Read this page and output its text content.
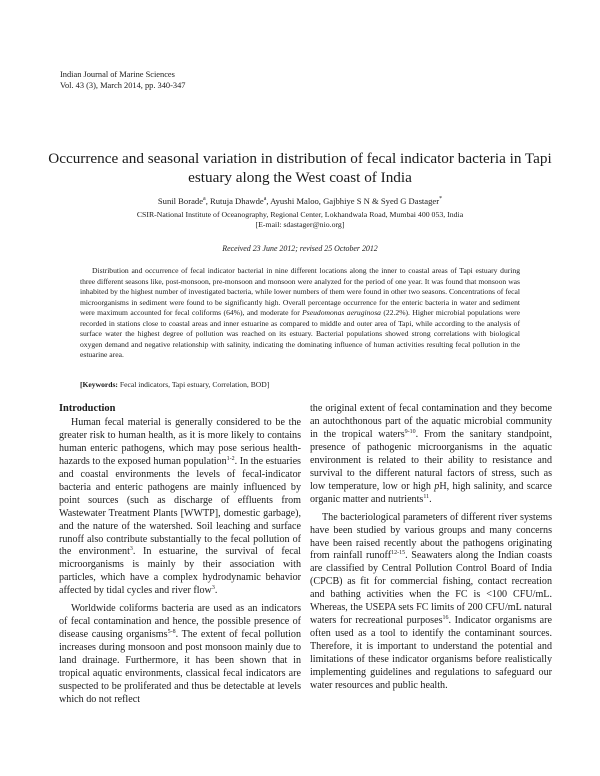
Indian Journal of Marine Sciences
Vol. 43 (3), March 2014, pp. 340-347
Occurrence and seasonal variation in distribution of fecal indicator bacteria in Tapi estuary along the West coast of India
Sunil Borade$^a$, Rutuja Dhawde$^a$, Ayushi Maloo, Gajbhiye S N & Syed G Dastager*
CSIR-National Institute of Oceanography, Regional Center, Lokhandwala Road, Mumbai 400 053, India
[E-mail: sdastager@nio.org]
Received 23 June 2012; revised 25 October 2012

Distribution and occurrence of fecal indicator bacterial in nine different locations along the inner to coastal areas of Tapi estuary during three different seasons like, post-monsoon, pre-monsoon and monsoon were analyzed for the period of one year. It was found that monsoon was inhabited by the highest number of investigated bacteria, while lower numbers of them were found in other two seasons. Concentrations of fecal microorganisms in sediment were found to be significantly high. Overall percentage occurrence for the enteric bacteria in water and sediment were maximum accounted for fecal coliforms (64%), and moderate for Pseudomonas aeruginosa (22.2%). Higher microbial populations were recorded in stations close to coastal areas and inner estuarine as compared to middle and outer area of Tapi, while according to the analysis of surface water the highest degree of pollution was reached on its estuary. Bacterial populations showed strong correlations with biological oxygen demand and negative relationship with salinity, indicating the dominating influence of human activities resulting fecal pollution in the estuarine area.

[Keywords: Fecal indicators, Tapi estuary, Correlation, BOD]
Introduction

Human fecal material is generally considered to be the greater risk to human health, as it is more likely to contains human enteric pathogens, which may pose serious health-hazards to the exposed human population$^{1-2}$. In the estuaries and coastal environments the levels of fecal-indicator bacteria and enteric pathogens are mainly influenced by point sources (such as discharge of effluents from Wastewater Treatment Plants [WWTP], domestic garbage), and the nature of the watershed. Soil leaching and surface runoff also contribute substantially to the fecal pollution of the environment$^3$. In estuarine, the survival of fecal microorganisms is mainly by their association with particles, which have a complex hydrodynamic behavior affected by tidal cycles and river flow$^3$.

Worldwide coliforms bacteria are used as an indicators of fecal contamination and hence, the possible presence of disease causing organisms$^{5-8}$. The extent of fecal pollution increases during monsoon and post monsoon mainly due to land drainage. Furthermore, it has been shown that in tropical aquatic environments, classical fecal indicators are suspected to be proliferated and thus be detectable at levels which do not reflect

the original extent of fecal contamination and they become an autochthonous part of the aquatic microbial community in the tropical waters$^{9-10}$. From the sanitary standpoint, presence of pathogenic microorganisms in the aquatic environment is related to their ability to resistance and survival to the different natural factors of stress, such as low temperature, low or high pH, high salinity, and scarce organic matter and nutrients$^{11}$.

The bacteriological parameters of different river systems have been studied by various groups and many concerns have been raised recently about the pathogens originating from rainfall runoff$^{12-15}$. Seawaters along the Indian coasts are classified by Central Pollution Control Board of India (CPCB) as fit for commercial fishing, contact recreation and bathing activities when the FC is <100 CFU/mL. Whereas, the USEPA sets FC limits of 200 CFU/mL natural waters for recreational purposes$^{16}$. Indicator organisms are often used as a tool to identify the contaminant sources. Therefore, it is important to understand the potential and limitations of these indicator organisms before realistically implementing guidelines and regulations to safeguard our water resources and public health.
